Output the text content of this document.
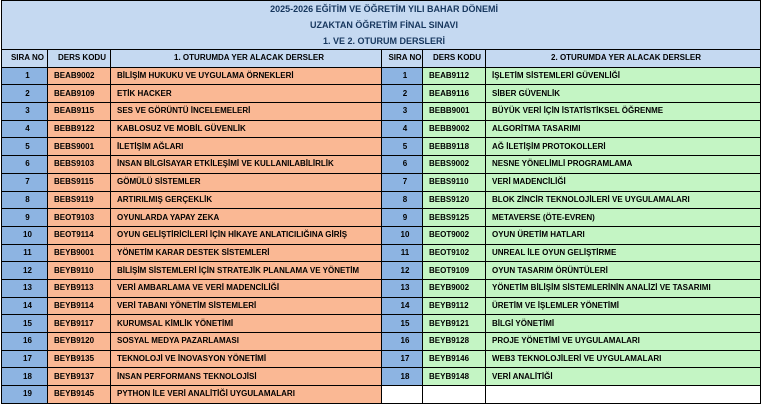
2025-2026 EĞİTİM VE ÖĞRETİM YILI BAHAR DÖNEMİ
UZAKTAN ÖĞRETİM FİNAL SINAVI
1. VE 2. OTURUM DERSLERİ					

SIRA NO	DERS KODU	1. OTURUMDA YER ALACAK DERSLER	SIRA NO	DERS KODU	2. OTURUMDA YER ALACAK DERSLER
1	BEAB9002	BİLİŞİM HUKUKU VE UYGULAMA ÖRNEKLERİ	1	BEAB9112	İŞLETİM SİSTEMLERİ GÜVENLİĞİ
2	BEAB9109	ETİK HACKER	2	BEAB9116	SİBER GÜVENLİK
3	BEAB9115	SES VE GÖRÜNTÜ İNCELEMELERİ	3	BEBB9001	BÜYÜK VERİ İÇİN İSTATİSTİKSEL ÖĞRENME
4	BEBB9122	KABLOSUZ VE MOBİL GÜVENLİK	4	BEBB9002	ALGORİTMA TASARIMI
5	BEBS9001	İLETİŞİM AĞLARI	5	BEBB9118	AĞ İLETİŞİM PROTOKOLLERİ
6	BEBS9103	İNSAN BİLGİSAYAR ETKİLEŞİMİ VE KULLANILABİLİRLİK	6	BEBS9002	NESNE YÖNELİMLİ PROGRAMLAMA
7	BEBS9115	GÖMÜLÜ SİSTEMLER	7	BEBS9110	VERİ MADENCİLİĞİ
8	BEBS9119	ARTIRILMIŞ GERÇEKLİK	8	BEBS9120	BLOK ZİNCİR TEKNOLOJİLERİ VE UYGULAMALARI
9	BEOT9103	OYUNLARDA YAPAY ZEKA	9	BEBS9125	METAVERSE (ÖTE-EVREN)
10	BEOT9114	OYUN GELİŞTİRİCİLERİ İÇİN HİKAYE ANLATICILIĞINA GİRİŞ	10	BEOT9002	OYUN ÜRETİM HATLARI
11	BEYB9001	YÖNETİM KARAR DESTEK SİSTEMLERİ	11	BEOT9102	UNREAL İLE OYUN GELİŞTİRME
12	BEYB9110	BİLİŞİM SİSTEMLERİ İÇİN STRATEJİK PLANLAMA VE YÖNETİM	12	BEOT9109	OYUN TASARIM ÖRÜNTÜLERİ
13	BEYB9113	VERİ AMBARLAMA VE VERİ MADENCİLİĞİ	13	BEYB9002	YÖNETİM BİLİŞİM SİSTEMLERİNİN ANALİZİ VE TASARIMI
14	BEYB9114	VERİ TABANI YÖNETİM SİSTEMLERİ	14	BEYB9112	ÜRETİM VE İŞLEMLER YÖNETİMİ
15	BEYB9117	KURUMSAL KİMLİK YÖNETİMİ	15	BEYB9121	BİLGİ YÖNETİMİ
16	BEYB9120	SOSYAL MEDYA PAZARLAMASI	16	BEYB9128	PROJE YÖNETİMİ VE UYGULAMALARI
17	BEYB9135	TEKNOLOJİ VE İNOVASYON YÖNETİMİ	17	BEYB9146	WEB3 TEKNOLOJİLERİ VE UYGULAMALARI
18	BEYB9137	İNSAN PERFORMANS TEKNOLOJİSİ	18	BEYB9148	VERİ ANALİTİĞİ
19	BEYB9145	PYTHON İLE VERİ ANALİTİĞİ UYGULAMALARI			
